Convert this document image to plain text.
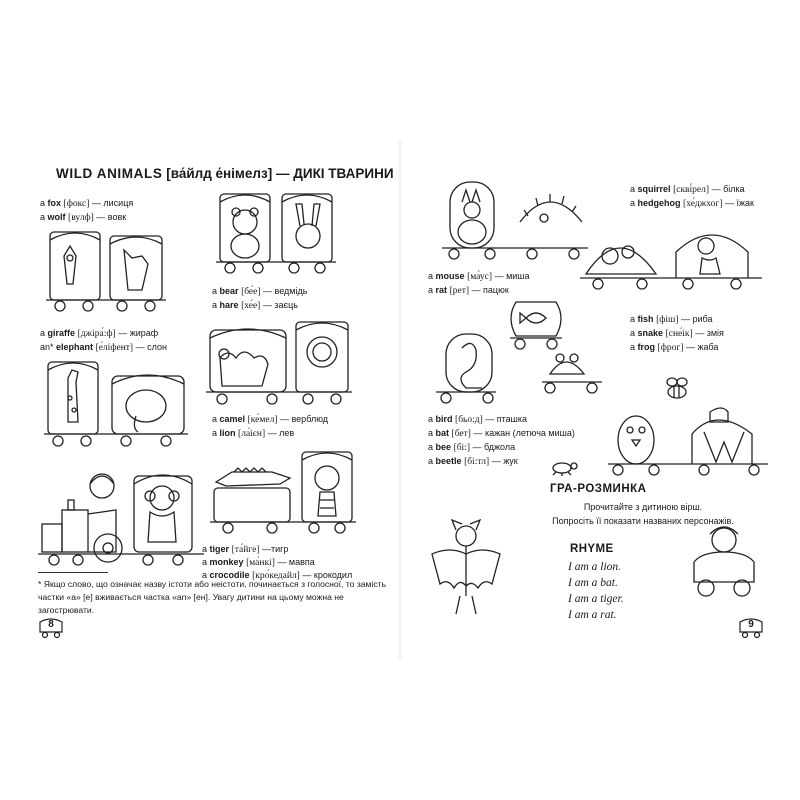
WILD ANIMALS [ва́йлд е́німелз] — ДИКІ ТВАРИНИ
a fox [фокс] — лисиця
a wolf [вулф] — вовк
a bear [бе́е] — ведмідь
a hare [хе́е] — заєць
a giraffe [джіра́:ф] — жираф
an* elephant [е́ліфент] — слон
a camel [ке́мел] — верблюд
a lion [ла́ієн] — лев
a tiger [та́йге] —тигр
a monkey [ма́нкі] — мавпа
a crocodile [кро́кедайл] — крокодил
* Якщо слово, що означає назву істоти або неістоти, починається з голосної, то замість частки «а» [е] вживається частка «an» [ен]. Увагу дитини на цьому можна не загострювати.
8
a squirrel [скві́рел] — білка
a hedgehog [хе́джхог] — їжак
a mouse [ма́ус] — миша
a rat [рет] — пацюк
a fish [фіш] — риба
a snake [сне́ік] — змія
a frog [фрог] — жаба
a bird [бьо:д] — пташка
a bat [бет] — кажан (летюча миша)
a bee [бі:] — бджола
a beetle [бі:тл] — жук
ГРА-РОЗМИНКА
Прочитайте з дитиною вірш.
Попросіть її показати названих персонажів.
RHYME
I am a lion.
I am a bat.
I am a tiger.
I am a rat.
9
